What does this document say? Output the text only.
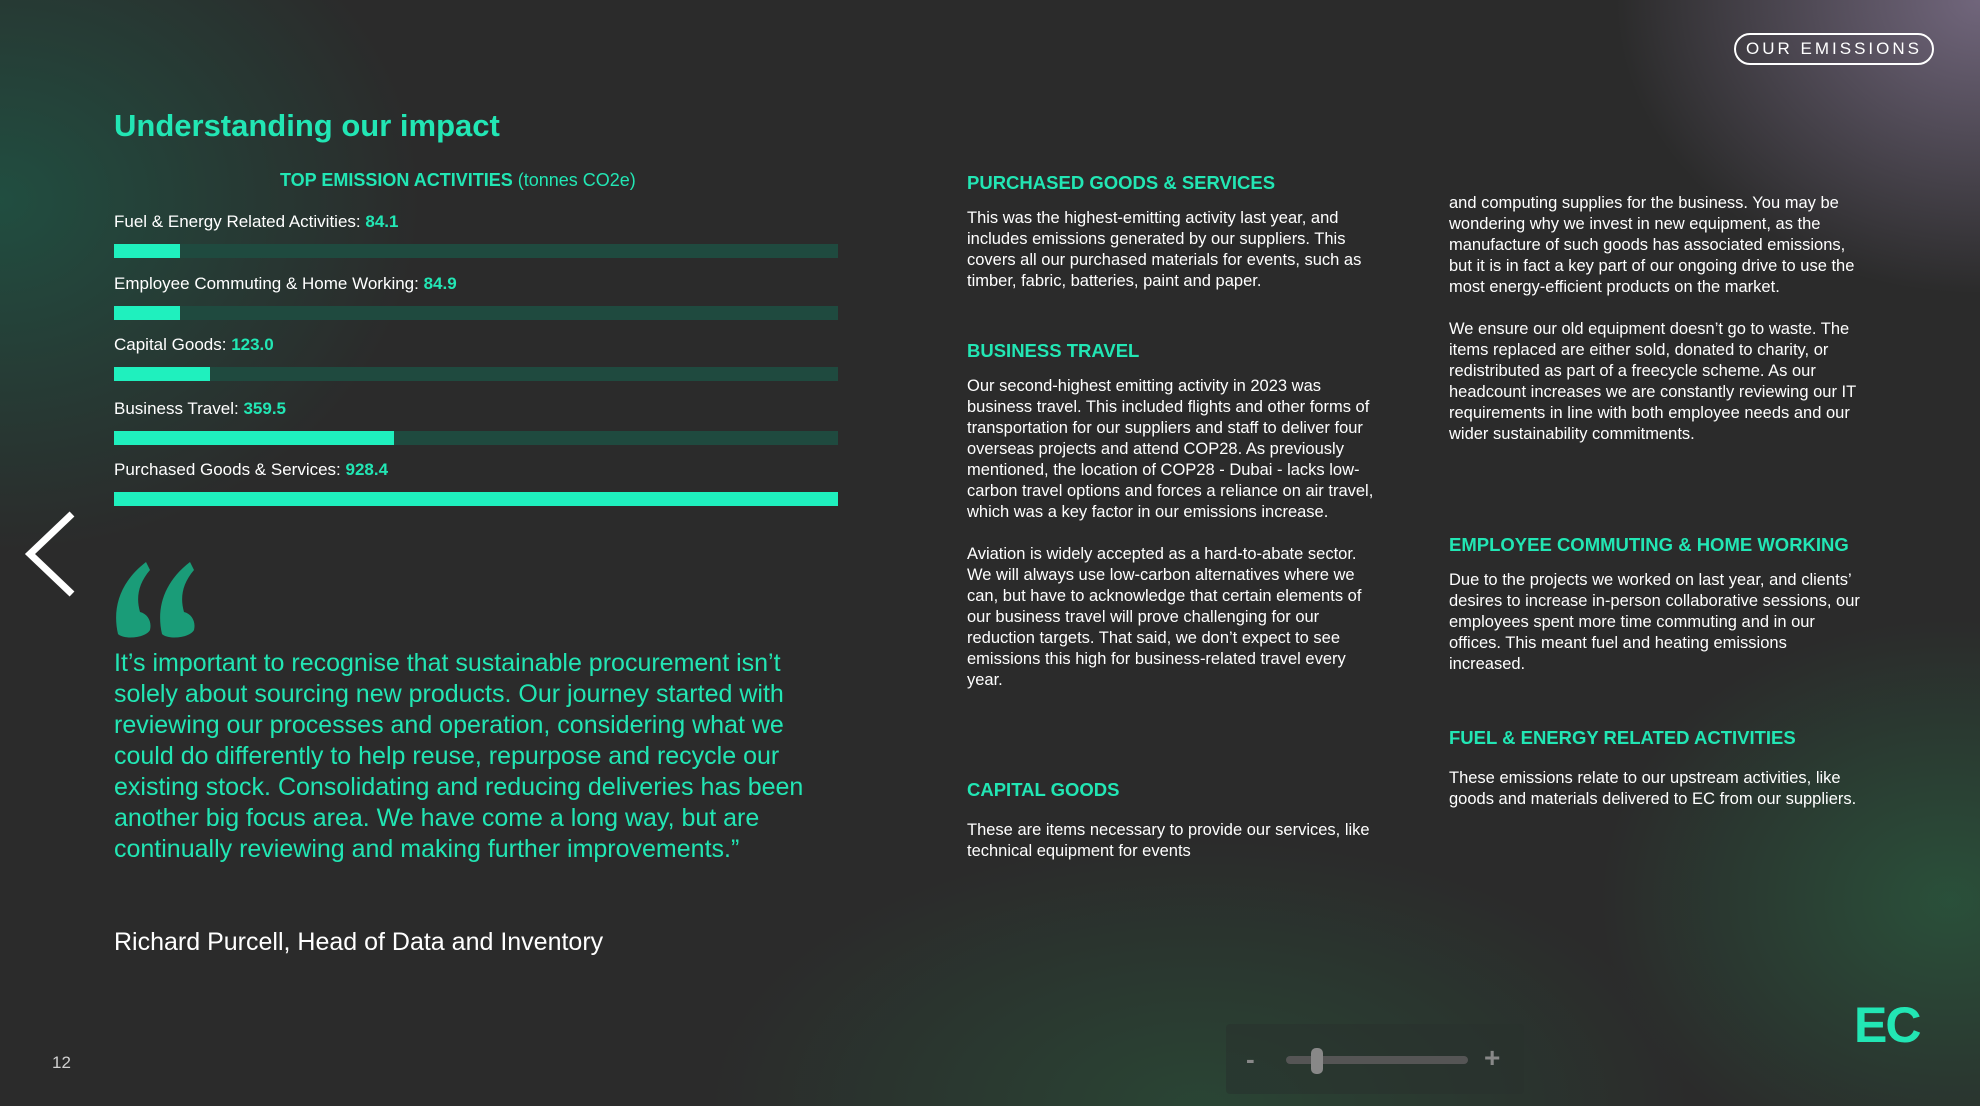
OUR EMISSIONS
Understanding our impact
TOP EMISSION ACTIVITIES (tonnes CO2e)
Fuel & Energy Related Activities: 84.1
Employee Commuting & Home Working: 84.9
Capital Goods: 123.0
Business Travel: 359.5
Purchased Goods & Services: 928.4

It’s important to recognise that sustainable procurement isn’t solely about sourcing new products. Our journey started with reviewing our processes and operation, considering what we could do differently to help reuse, repurpose and recycle our existing stock. Consolidating and reducing deliveries has been another big focus area. We have come a long way, but are continually reviewing and making further improvements.”

Richard Purcell, Head of Data and Inventory
PURCHASED GOODS & SERVICES

This was the highest-emitting activity last year, and includes emissions generated by our suppliers. This covers all our purchased materials for events, such as timber, fabric, batteries, paint and paper.

BUSINESS TRAVEL

Our second-highest emitting activity in 2023 was business travel. This included flights and other forms of transportation for our suppliers and staff to deliver four overseas projects and attend COP28. As previously mentioned, the location of COP28 - Dubai - lacks low-carbon travel options and forces a reliance on air travel, which was a key factor in our emissions increase.

Aviation is widely accepted as a hard-to-abate sector. We will always use low-carbon alternatives where we can, but have to acknowledge that certain elements of our business travel will prove challenging for our reduction targets. That said, we don’t expect to see emissions this high for business-related travel every year.

CAPITAL GOODS

These are items necessary to provide our services, like technical equipment for events

and computing supplies for the business. You may be wondering why we invest in new equipment, as the manufacture of such goods has associated emissions, but it is in fact a key part of our ongoing drive to use the most energy-efficient products on the market.

We ensure our old equipment doesn’t go to waste. The items replaced are either sold, donated to charity, or redistributed as part of a freecycle scheme. As our headcount increases we are constantly reviewing our IT requirements in line with both employee needs and our wider sustainability commitments.

EMPLOYEE COMMUTING & HOME WORKING

Due to the projects we worked on last year, and clients’ desires to increase in-person collaborative sessions, our employees spent more time commuting and in our offices. This meant fuel and heating emissions increased.

FUEL & ENERGY RELATED ACTIVITIES

These emissions relate to our upstream activities, like goods and materials delivered to EC from our suppliers.

12
EC
-	+
